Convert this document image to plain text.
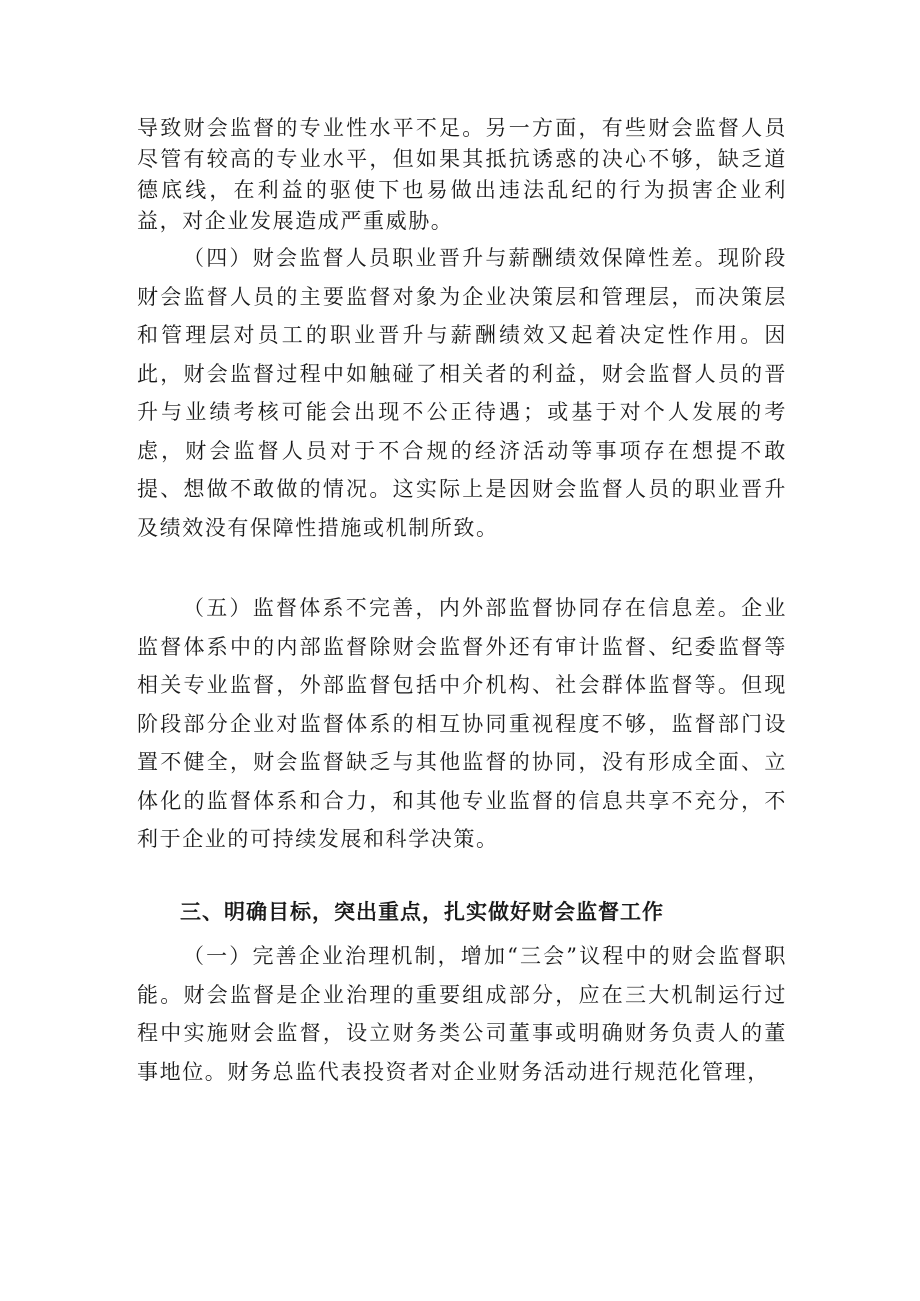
导致财会监督的专业性水平不足。另一方面，有些财会监督人员尽管有较高的专业水平，但如果其抵抗诱惑的决心不够，缺乏道德底线，在利益的驱使下也易做出违法乱纪的行为损害企业利益，对企业发展造成严重威胁。

（四）财会监督人员职业晋升与薪酬绩效保障性差。现阶段财会监督人员的主要监督对象为企业决策层和管理层，而决策层和管理层对员工的职业晋升与薪酬绩效又起着决定性作用。因此，财会监督过程中如触碰了相关者的利益，财会监督人员的晋升与业绩考核可能会出现不公正待遇；或基于对个人发展的考虑，财会监督人员对于不合规的经济活动等事项存在想提不敢提、想做不敢做的情况。这实际上是因财会监督人员的职业晋升及绩效没有保障性措施或机制所致。

（五）监督体系不完善，内外部监督协同存在信息差。企业监督体系中的内部监督除财会监督外还有审计监督、纪委监督等相关专业监督，外部监督包括中介机构、社会群体监督等。但现阶段部分企业对监督体系的相互协同重视程度不够，监督部门设置不健全，财会监督缺乏与其他监督的协同，没有形成全面、立体化的监督体系和合力，和其他专业监督的信息共享不充分，不利于企业的可持续发展和科学决策。

三、明确目标，突出重点，扎实做好财会监督工作

（一）完善企业治理机制，增加“三会”议程中的财会监督职能。财会监督是企业治理的重要组成部分，应在三大机制运行过程中实施财会监督，设立财务类公司董事或明确财务负责人的董事地位。财务总监代表投资者对企业财务活动进行规范化管理，
